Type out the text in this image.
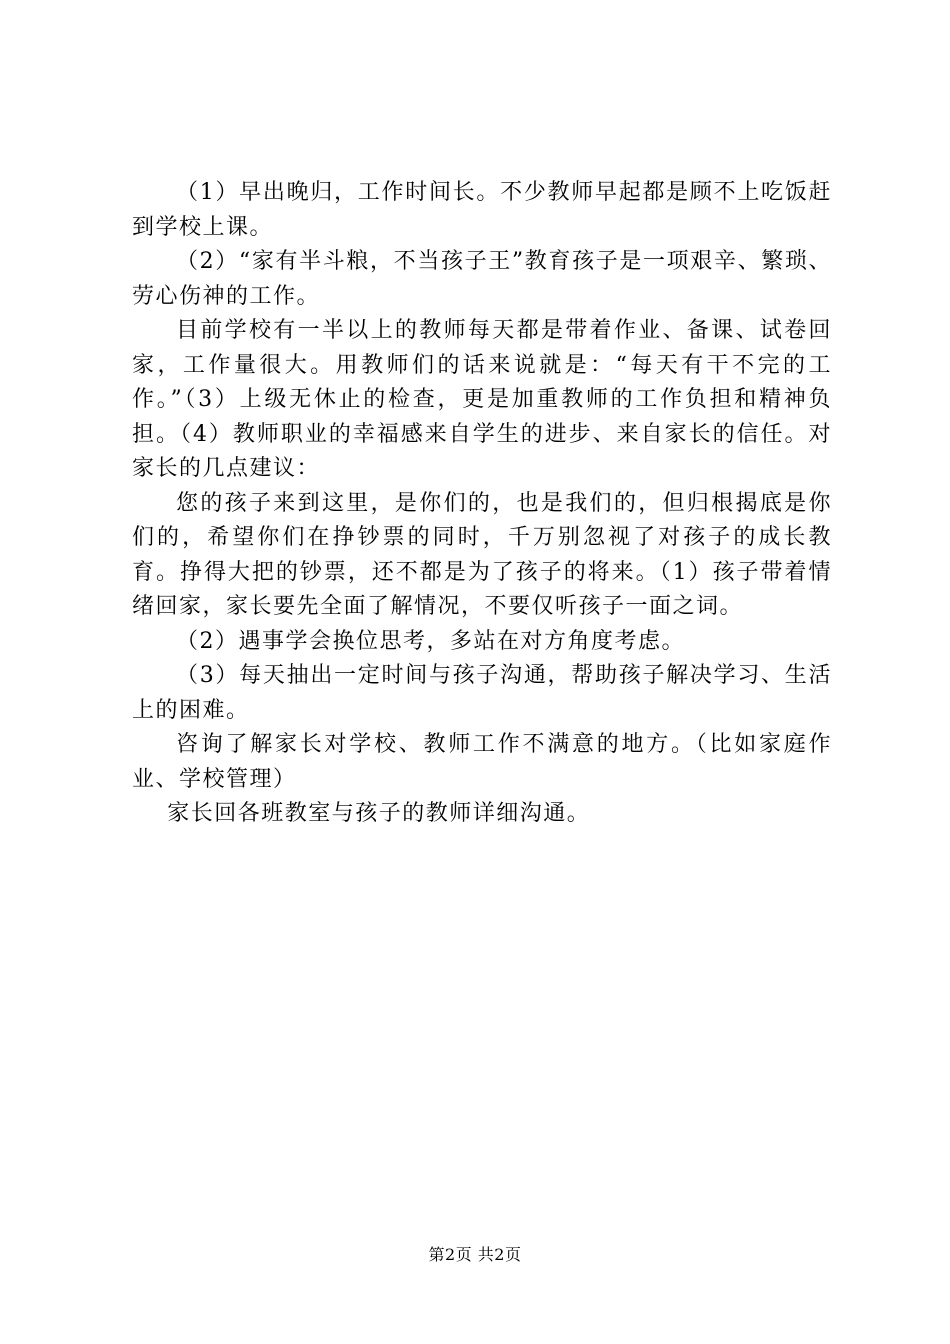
（1）早出晚归，工作时间长。不少教师早起都是顾不上吃饭赶到学校上课。

（2）“家有半斗粮，不当孩子王”教育孩子是一项艰辛、繁琐、劳心伤神的工作。

目前学校有一半以上的教师每天都是带着作业、备课、试卷回家，工作量很大。用教师们的话来说就是：“每天有干不完的工作。”（3）上级无休止的检查，更是加重教师的工作负担和精神负担。（4）教师职业的幸福感来自学生的进步、来自家长的信任。对家长的几点建议：

您的孩子来到这里，是你们的，也是我们的，但归根揭底是你们的，希望你们在挣钞票的同时，千万别忽视了对孩子的成长教育。挣得大把的钞票，还不都是为了孩子的将来。（1）孩子带着情绪回家，家长要先全面了解情况，不要仅听孩子一面之词。

（2）遇事学会换位思考，多站在对方角度考虑。

（3）每天抽出一定时间与孩子沟通，帮助孩子解决学习、生活上的困难。

咨询了解家长对学校、教师工作不满意的地方。（比如家庭作业、学校管理）

家长回各班教室与孩子的教师详细沟通。

第2页 共2页
